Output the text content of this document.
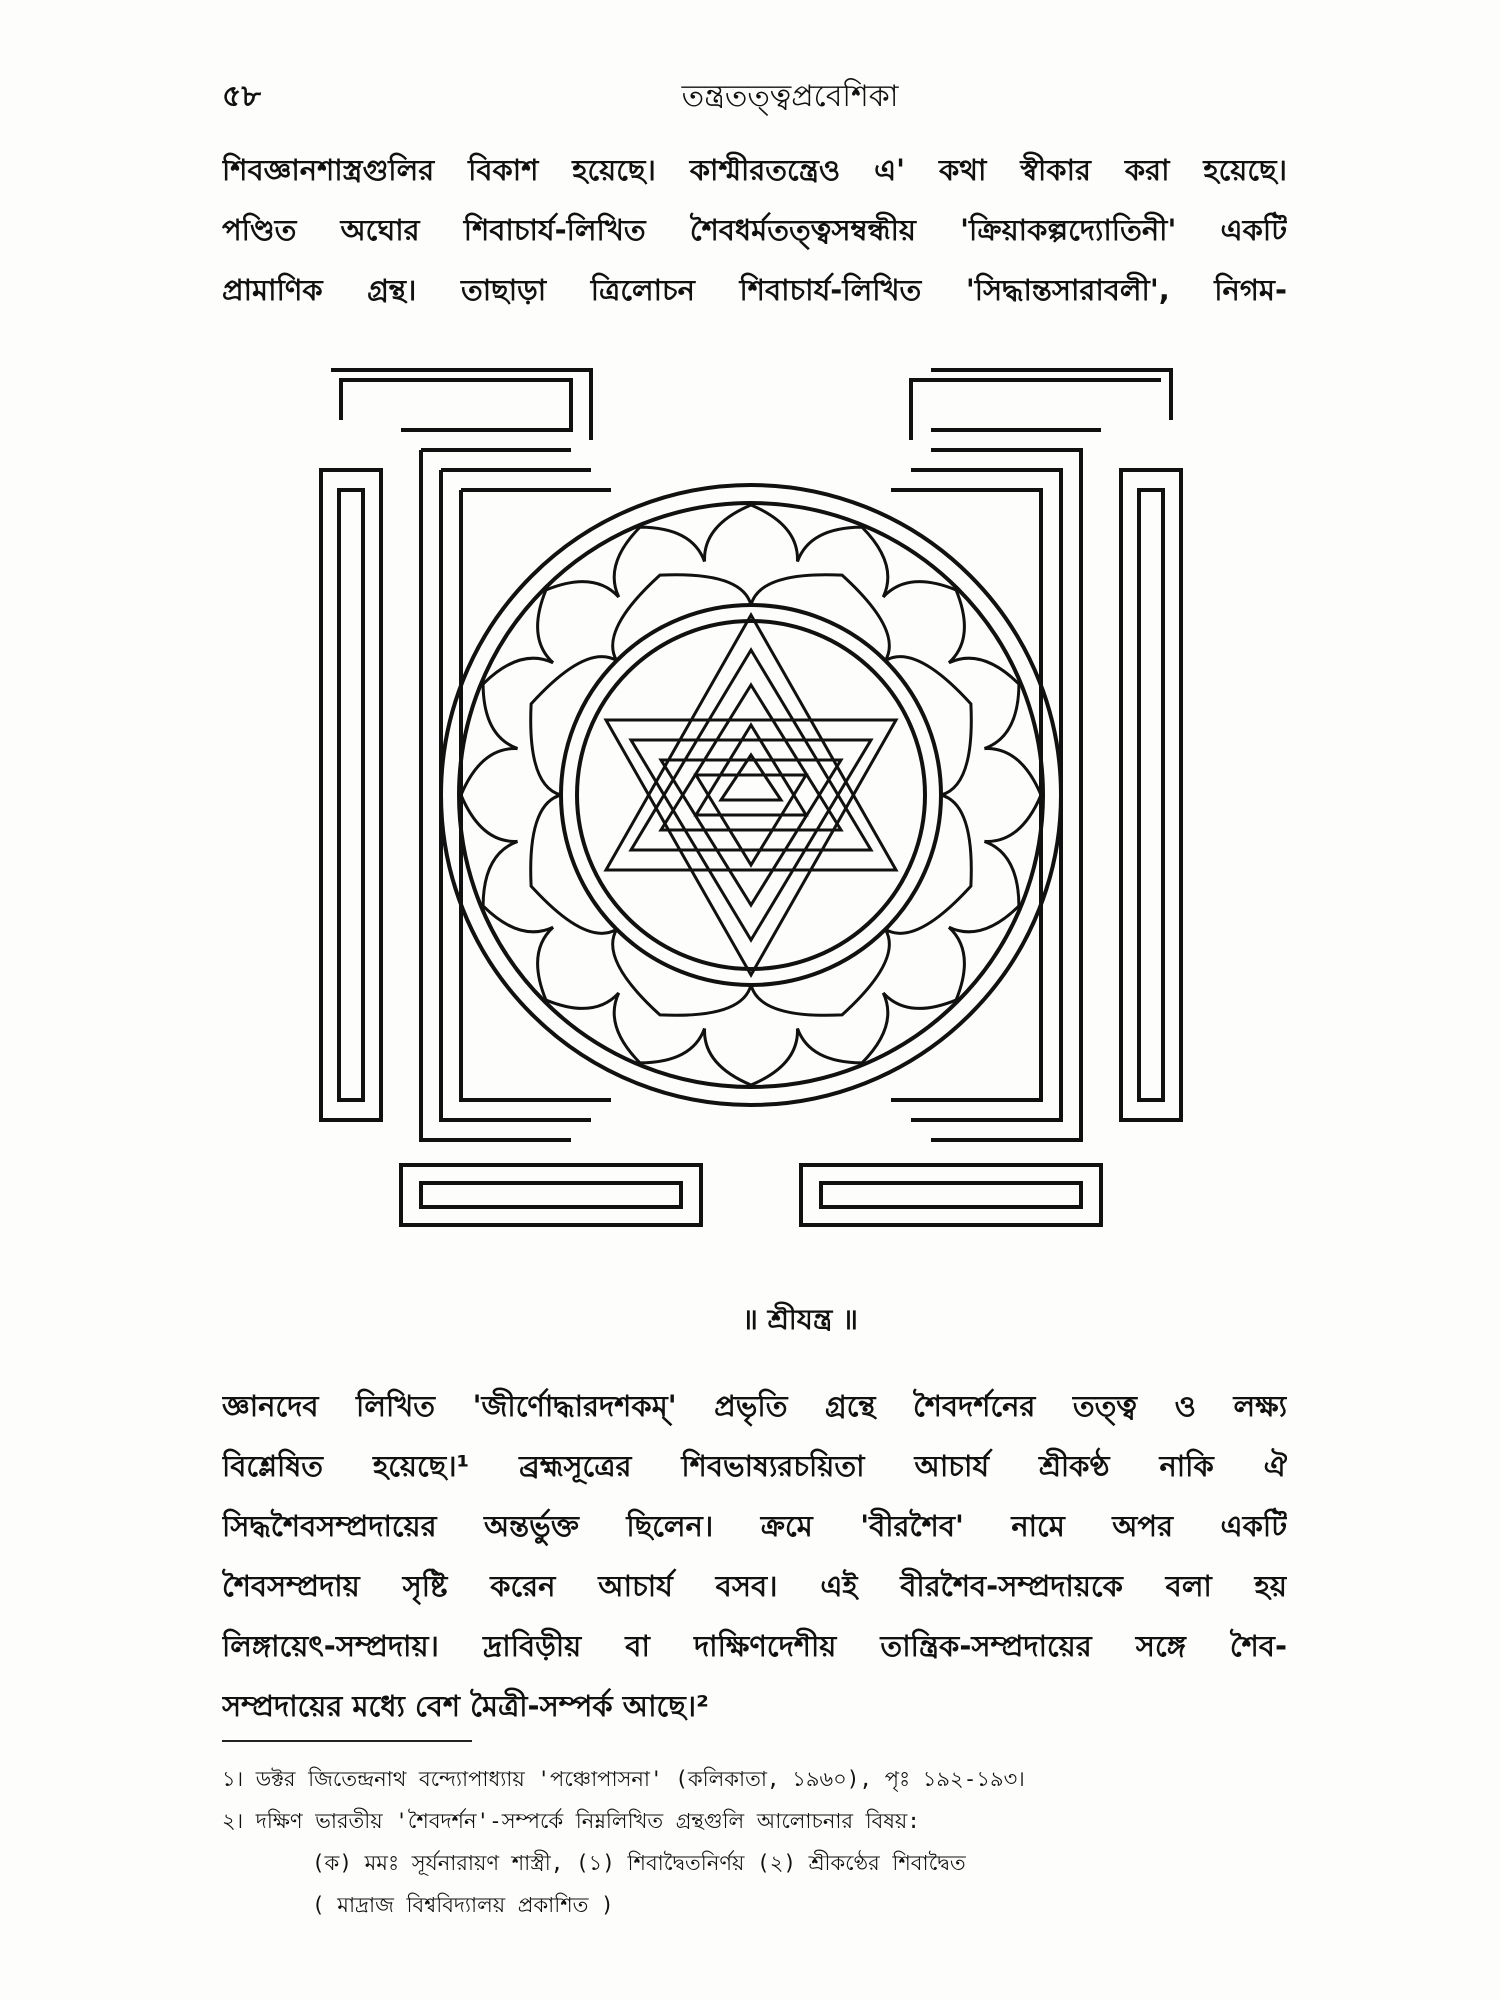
৫৮	তন্ত্রতত্ত্বপ্রবেশিকা
শিবজ্ঞানশাস্ত্রগুলির বিকাশ হয়েছে। কাশ্মীরতন্ত্রেও এ' কথা স্বীকার করা হয়েছে।
পণ্ডিত অঘোর শিবাচার্য-লিখিত শৈবধর্মতত্ত্বসম্বন্ধীয় 'ক্রিয়াকল্পদ্যোতিনী' একটি
প্রামাণিক গ্রন্থ। তাছাড়া ত্রিলোচন শিবাচার্য-লিখিত 'সিদ্ধান্তসারাবলী', নিগম-
॥ শ্রীযন্ত্র ॥
জ্ঞানদেব লিখিত 'জীর্ণোদ্ধারদশকম্' প্রভৃতি গ্রন্থে শৈবদর্শনের তত্ত্ব ও লক্ষ্য
বিশ্লেষিত হয়েছে।¹ ব্রহ্মসূত্রের শিবভাষ্যরচয়িতা আচার্য শ্রীকণ্ঠ নাকি ঐ
সিদ্ধশৈবসম্প্রদায়ের অন্তর্ভুক্ত ছিলেন। ক্রমে 'বীরশৈব' নামে অপর একটি
শৈবসম্প্রদায় সৃষ্টি করেন আচার্য বসব। এই বীরশৈব-সম্প্রদায়কে বলা হয়
লিঙ্গায়েৎ-সম্প্রদায়। দ্রাবিড়ীয় বা দাক্ষিণদেশীয় তান্ত্রিক-সম্প্রদায়ের সঙ্গে শৈব-
সম্প্রদায়ের মধ্যে বেশ মৈত্রী-সম্পর্ক আছে।²
১। ডক্টর জিতেন্দ্রনাথ বন্দ্যোপাধ্যায় 'পঞ্চোপাসনা' (কলিকাতা, ১৯৬০), পৃঃ ১৯২-১৯৩।
২। দক্ষিণ ভারতীয় 'শৈবদর্শন'-সম্পর্কে নিম্নলিখিত গ্রন্থগুলি আলোচনার বিষয়:
(ক) মমঃ সূর্যনারায়ণ শাস্ত্রী, (১) শিবাদ্বৈতনির্ণয় (২) শ্রীকণ্ঠের শিবাদ্বৈত
( মাদ্রাজ বিশ্ববিদ্যালয় প্রকাশিত )
